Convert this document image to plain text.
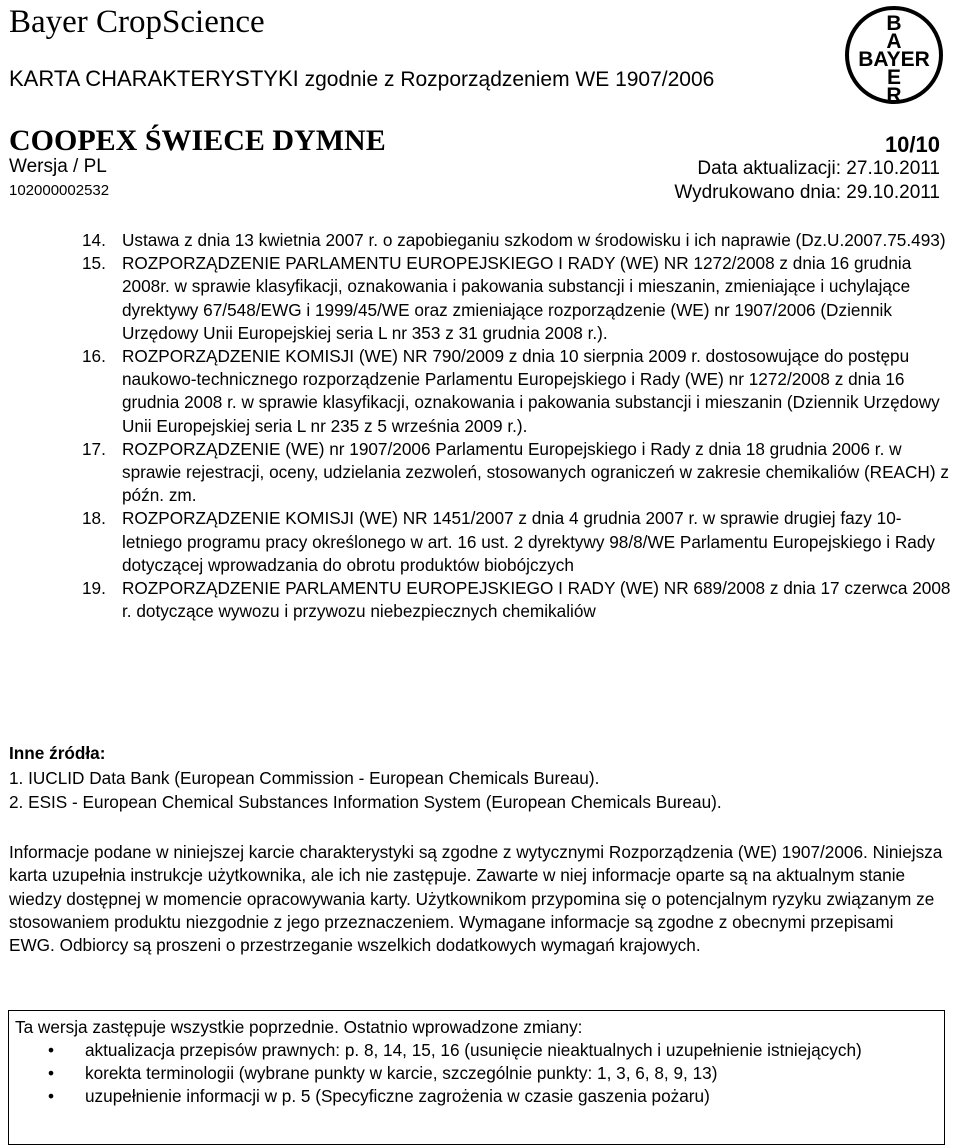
Bayer CropScience
KARTA CHARAKTERYSTYKI zgodnie z Rozporządzeniem WE 1907/2006
COOPEX ŚWIECE DYMNE	10/10
Wersja / PL
102000002532
Data aktualizacji: 27.10.2011
Wydrukowano dnia: 29.10.2011
B
A
BAYER
E
R
14. Ustawa z dnia 13 kwietnia 2007 r. o zapobieganiu szkodom w środowisku i ich naprawie (Dz.U.2007.75.493)
15. ROZPORZĄDZENIE PARLAMENTU EUROPEJSKIEGO I RADY (WE) NR 1272/2008 z dnia 16 grudnia 2008r. w sprawie klasyfikacji, oznakowania i pakowania substancji i mieszanin, zmieniające i uchylające dyrektywy 67/548/EWG i 1999/45/WE oraz zmieniające rozporządzenie (WE) nr 1907/2006 (Dziennik Urzędowy Unii Europejskiej seria L nr 353 z 31 grudnia 2008 r.).
16. ROZPORZĄDZENIE KOMISJI (WE) NR 790/2009 z dnia 10 sierpnia 2009 r. dostosowujące do postępu naukowo-technicznego rozporządzenie Parlamentu Europejskiego i Rady (WE) nr 1272/2008 z dnia 16 grudnia 2008 r. w sprawie klasyfikacji, oznakowania i pakowania substancji i mieszanin (Dziennik Urzędowy Unii Europejskiej seria L nr 235 z 5 września 2009 r.).
17. ROZPORZĄDZENIE (WE) nr 1907/2006 Parlamentu Europejskiego i Rady z dnia 18 grudnia 2006 r. w sprawie rejestracji, oceny, udzielania zezwoleń, stosowanych ograniczeń w zakresie chemikaliów (REACH) z późn. zm.
18. ROZPORZĄDZENIE KOMISJI (WE) NR 1451/2007 z dnia 4 grudnia 2007 r. w sprawie drugiej fazy 10-letniego programu pracy określonego w art. 16 ust. 2 dyrektywy 98/8/WE Parlamentu Europejskiego i Rady dotyczącej wprowadzania do obrotu produktów biobójczych
19. ROZPORZĄDZENIE PARLAMENTU EUROPEJSKIEGO I RADY (WE) NR 689/2008 z dnia 17 czerwca 2008 r. dotyczące wywozu i przywozu niebezpiecznych chemikaliów
Inne źródła:
1. IUCLID Data Bank (European Commission - European Chemicals Bureau).
2. ESIS - European Chemical Substances Information System (European Chemicals Bureau).

Informacje podane w niniejszej karcie charakterystyki są zgodne z wytycznymi Rozporządzenia (WE) 1907/2006. Niniejsza karta uzupełnia instrukcje użytkownika, ale ich nie zastępuje. Zawarte w niej informacje oparte są na aktualnym stanie wiedzy dostępnej w momencie opracowywania karty. Użytkownikom przypomina się o potencjalnym ryzyku związanym ze stosowaniem produktu niezgodnie z jego przeznaczeniem. Wymagane informacje są zgodne z obecnymi przepisami EWG. Odbiorcy są proszeni o przestrzeganie wszelkich dodatkowych wymagań krajowych.

Ta wersja zastępuje wszystkie poprzednie. Ostatnio wprowadzone zmiany:
• aktualizacja przepisów prawnych: p. 8, 14, 15, 16 (usunięcie nieaktualnych i uzupełnienie istniejących)
• korekta terminologii (wybrane punkty w karcie, szczególnie punkty: 1, 3, 6, 8, 9, 13)
• uzupełnienie informacji w p. 5 (Specyficzne zagrożenia w czasie gaszenia pożaru)
